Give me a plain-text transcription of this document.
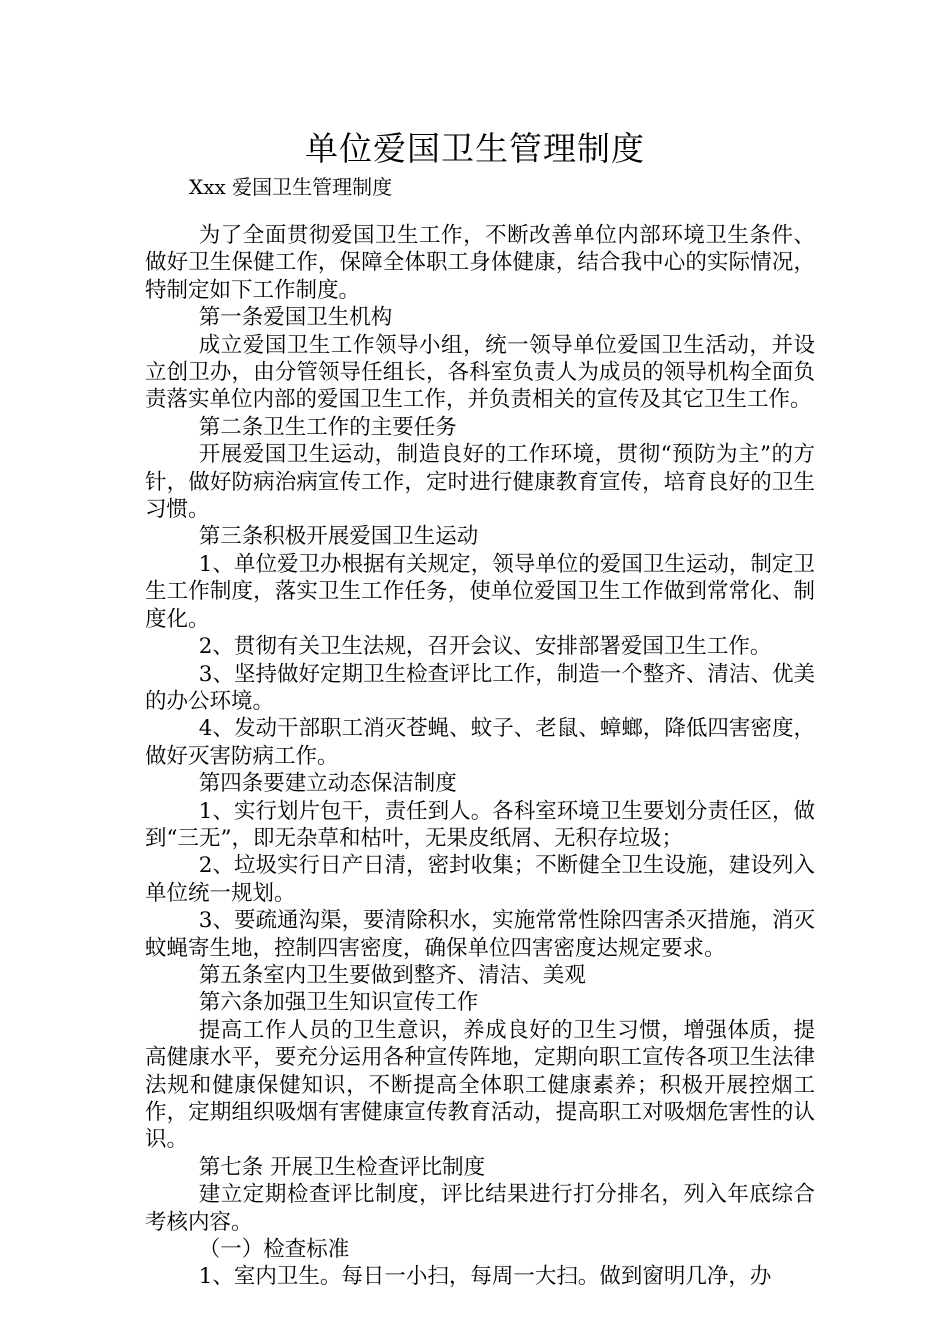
单位爱国卫生管理制度
Xxx 爱国卫生管理制度

为了全面贯彻爱国卫生工作，不断改善单位内部环境卫生条件、做好卫生保健工作，保障全体职工身体健康，结合我中心的实际情况，特制定如下工作制度。

第一条爱国卫生机构

成立爱国卫生工作领导小组，统一领导单位爱国卫生活动，并设立创卫办，由分管领导任组长，各科室负责人为成员的领导机构全面负责落实单位内部的爱国卫生工作，并负责相关的宣传及其它卫生工作。

第二条卫生工作的主要任务

开展爱国卫生运动，制造良好的工作环境，贯彻“预防为主”的方针，做好防病治病宣传工作，定时进行健康教育宣传，培育良好的卫生习惯。

第三条积极开展爱国卫生运动

1、单位爱卫办根据有关规定，领导单位的爱国卫生运动，制定卫生工作制度，落实卫生工作任务，使单位爱国卫生工作做到常常化、制度化。

2、贯彻有关卫生法规，召开会议、安排部署爱国卫生工作。

3、坚持做好定期卫生检查评比工作，制造一个整齐、清洁、优美的办公环境。

4、发动干部职工消灭苍蝇、蚊子、老鼠、蟑螂，降低四害密度，做好灭害防病工作。

第四条要建立动态保洁制度

1、实行划片包干，责任到人。各科室环境卫生要划分责任区，做到“三无”，即无杂草和枯叶，无果皮纸屑、无积存垃圾；

2、垃圾实行日产日清，密封收集；不断健全卫生设施，建设列入单位统一规划。

3、要疏通沟渠，要清除积水，实施常常性除四害杀灭措施，消灭蚊蝇寄生地，控制四害密度，确保单位四害密度达规定要求。

第五条室内卫生要做到整齐、清洁、美观

第六条加强卫生知识宣传工作

提高工作人员的卫生意识，养成良好的卫生习惯，增强体质，提高健康水平，要充分运用各种宣传阵地，定期向职工宣传各项卫生法律法规和健康保健知识，不断提高全体职工健康素养；积极开展控烟工作，定期组织吸烟有害健康宣传教育活动，提高职工对吸烟危害性的认识。

第七条 开展卫生检查评比制度

建立定期检查评比制度，评比结果进行打分排名，列入年底综合考核内容。

（一）检查标准

1、室内卫生。每日一小扫，每周一大扫。做到窗明几净，办
